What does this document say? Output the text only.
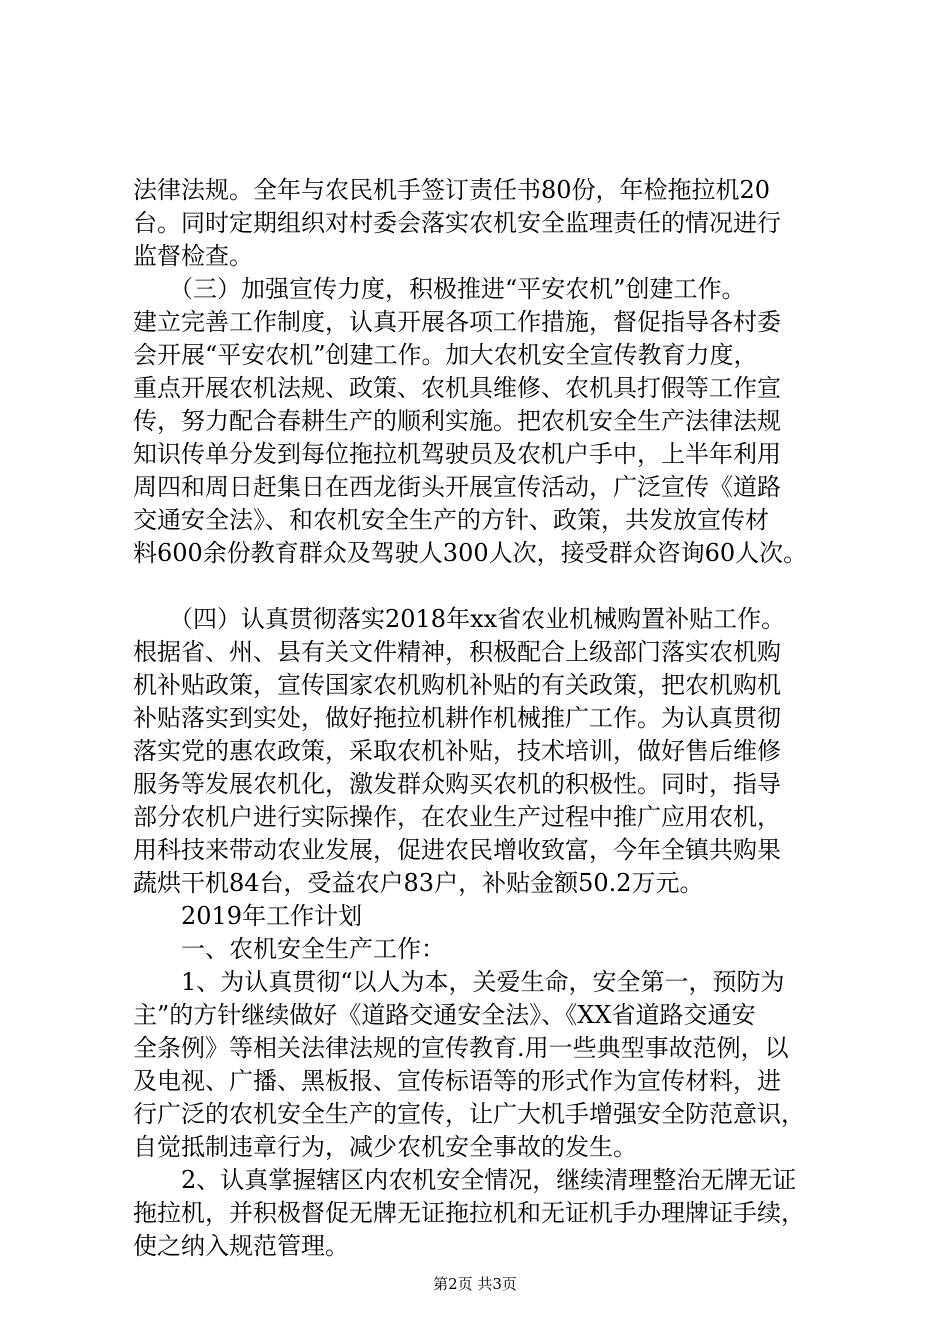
法律法规。全年与农民机手签订责任书80份，年检拖拉机20
台。同时定期组织对村委会落实农机安全监理责任的情况进行
监督检查。
　　（三）加强宣传力度，积极推进“平安农机”创建工作。
建立完善工作制度，认真开展各项工作措施，督促指导各村委
会开展“平安农机”创建工作。加大农机安全宣传教育力度，
重点开展农机法规、政策、农机具维修、农机具打假等工作宣
传，努力配合春耕生产的顺利实施。把农机安全生产法律法规
知识传单分发到每位拖拉机驾驶员及农机户手中，上半年利用
周四和周日赶集日在西龙街头开展宣传活动，广泛宣传《道路
交通安全法》、和农机安全生产的方针、政策，共发放宣传材
料600余份教育群众及驾驶人300人次，接受群众咨询60人次。
　　（四）认真贯彻落实2018年xx省农业机械购置补贴工作。
根据省、州、县有关文件精神，积极配合上级部门落实农机购
机补贴政策，宣传国家农机购机补贴的有关政策，把农机购机
补贴落实到实处，做好拖拉机耕作机械推广工作。为认真贯彻
落实党的惠农政策，采取农机补贴，技术培训，做好售后维修
服务等发展农机化，激发群众购买农机的积极性。同时，指导
部分农机户进行实际操作，在农业生产过程中推广应用农机，
用科技来带动农业发展，促进农民增收致富，今年全镇共购果
蔬烘干机84台，受益农户83户，补贴金额50.2万元。
　　2019年工作计划
　　一、农机安全生产工作：
　　1、为认真贯彻“以人为本，关爱生命，安全第一，预防为
主”的方针继续做好《道路交通安全法》、《XX省道路交通安
全条例》等相关法律法规的宣传教育.用一些典型事故范例，以
及电视、广播、黑板报、宣传标语等的形式作为宣传材料，进
行广泛的农机安全生产的宣传，让广大机手增强安全防范意识，
自觉抵制违章行为，减少农机安全事故的发生。
　　2、认真掌握辖区内农机安全情况，继续清理整治无牌无证
拖拉机，并积极督促无牌无证拖拉机和无证机手办理牌证手续，
使之纳入规范管理。
第2页 共3页
